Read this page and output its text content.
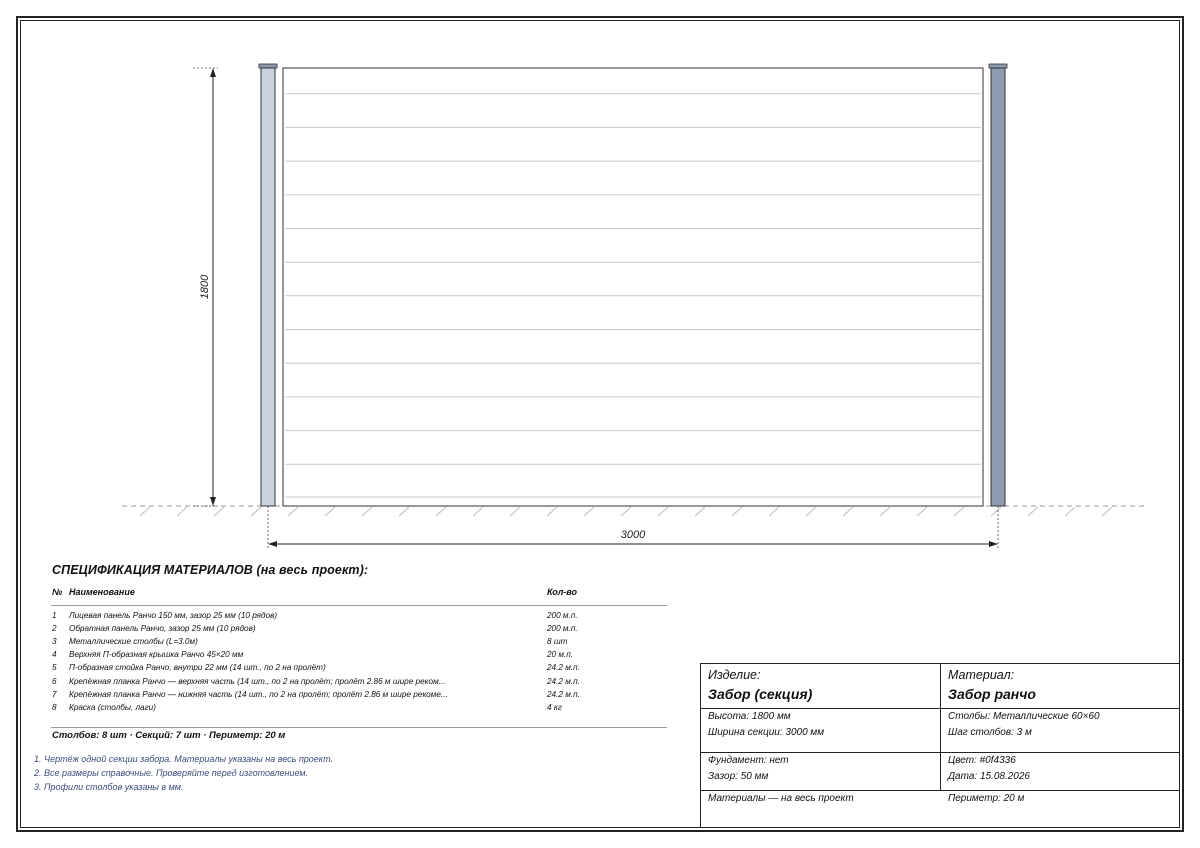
1800
3000
СПЕЦИФИКАЦИЯ МАТЕРИАЛОВ (на весь проект):
№ Наименование	Кол-во
1 Лицевая панель Ранчо 150 мм, зазор 25 мм (10 рядов)	200 м.п.
2 Обратная панель Ранчо, зазор 25 мм (10 рядов)	200 м.п.
3 Металлические столбы (L=3.0м)	8 шт
4 Верхняя П-образная крышка Ранчо 45×20 мм	20 м.п.
5 П-образная стойка Ранчо, внутри 22 мм (14 шт., по 2 на пролёт)	24.2 м.п.
6 Крепёжная планка Ранчо — верхняя часть (14 шт., по 2 на пролёт; пролёт 2.86 м шире реком...	24.2 м.п.
7 Крепёжная планка Ранчо — нижняя часть (14 шт., по 2 на пролёт; пролёт 2.86 м шире рекоме...	24.2 м.п.
8 Краска (столбы, лаги)	4 кг
Столбов: 8 шт · Секций: 7 шт · Периметр: 20 м
1. Чертёж одной секции забора. Материалы указаны на весь проект.
2. Все размеры справочные. Проверяйте перед изготовлением.
3. Профили столбов указаны в мм.
Изделие:
Забор (секция)
Материал:
Забор ранчо
Высота: 1800 мм
Ширина секции: 3000 мм
Столбы: Металлические 60×60
Шаг столбов: 3 м
Фундамент: нет
Зазор: 50 мм
Цвет: #0f4336
Дата: 15.08.2026
Материалы — на весь проект	Периметр: 20 м
